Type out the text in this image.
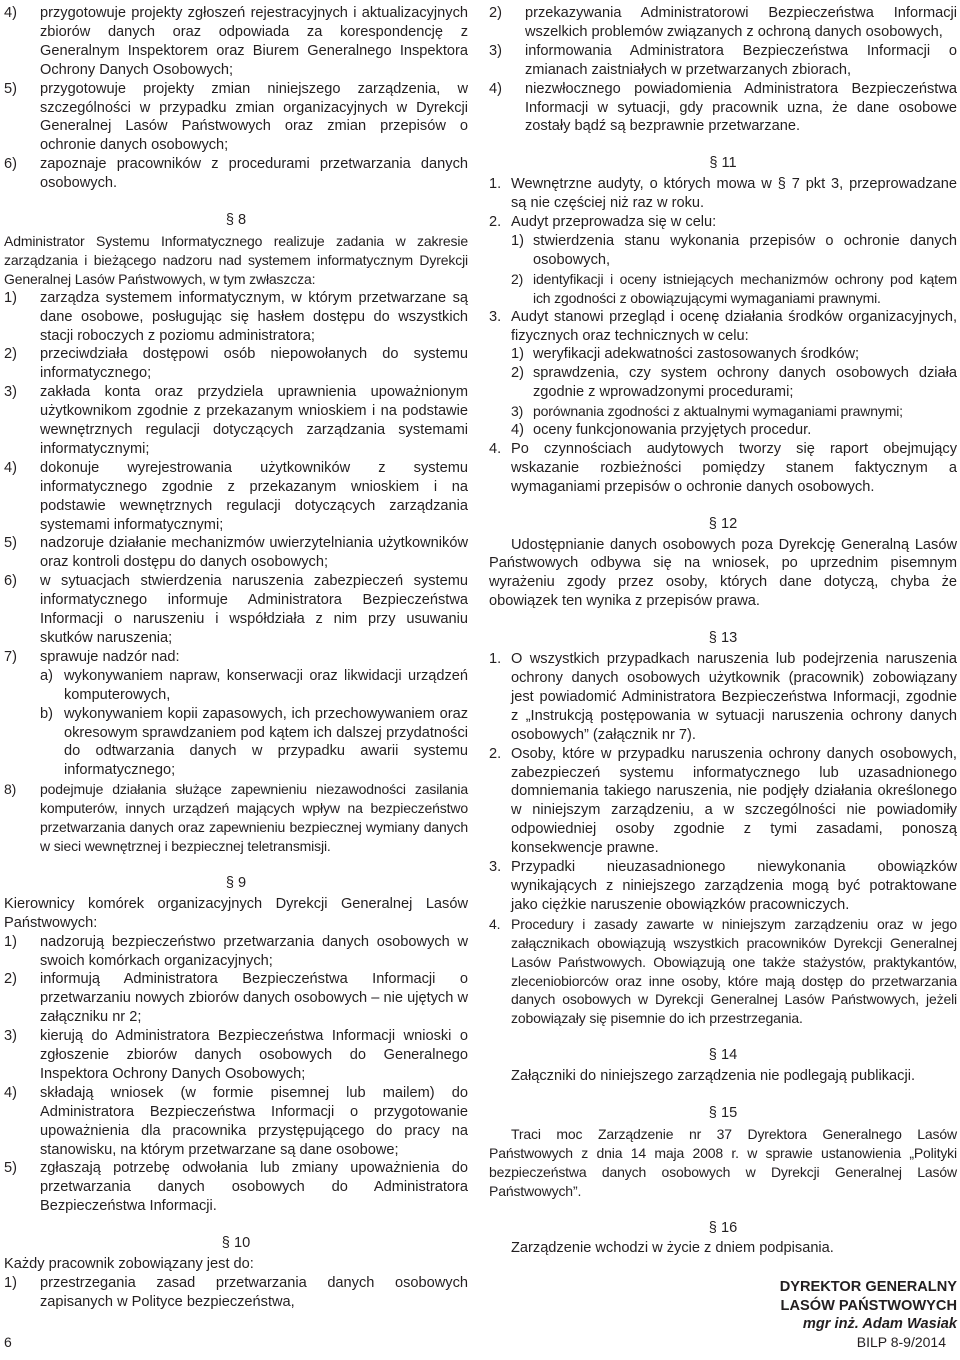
4) przygotowuje projekty zgłoszeń rejestracyjnych i aktualizacyjnych zbiorów danych oraz odpowiada za korespondencję z Generalnym Inspektorem oraz Biurem Generalnego Inspektora Ochrony Danych Osobowych;
5) przygotowuje projekty zmian niniejszego zarządzenia, w szczególności w przypadku zmian organizacyjnych w Dyrekcji Generalnej Lasów Państwowych oraz zmian przepisów o ochronie danych osobowych;
6) zapoznaje pracowników z procedurami przetwarzania danych osobowych.
§ 8
Administrator Systemu Informatycznego realizuje zadania w zakresie zarządzania i bieżącego nadzoru nad systemem informatycznym Dyrekcji Generalnej Lasów Państwowych, w tym zwłaszcza:
1) zarządza systemem informatycznym, w którym przetwarzane są dane osobowe, posługując się hasłem dostępu do wszystkich stacji roboczych z poziomu administratora;
2) przeciwdziała dostępowi osób niepowołanych do systemu informatycznego;
3) zakłada konta oraz przydziela uprawnienia upoważnionym użytkownikom zgodnie z przekazanym wnioskiem i na podstawie wewnętrznych regulacji dotyczących zarządzania systemami informatycznymi;
4) dokonuje wyrejestrowania użytkowników z systemu informatycznego zgodnie z przekazanym wnioskiem i na podstawie wewnętrznych regulacji dotyczących zarządzania systemami informatycznymi;
5) nadzoruje działanie mechanizmów uwierzytelniania użytkowników oraz kontroli dostępu do danych osobowych;
6) w sytuacjach stwierdzenia naruszenia zabezpieczeń systemu informatycznego informuje Administratora Bezpieczeństwa Informacji o naruszeniu i współdziała z nim przy usuwaniu skutków naruszenia;
7) sprawuje nadzór nad:
a) wykonywaniem napraw, konserwacji oraz likwidacji urządzeń komputerowych,
b) wykonywaniem kopii zapasowych, ich przechowywaniem oraz okresowym sprawdzaniem pod kątem ich dalszej przydatności do odtwarzania danych w przypadku awarii systemu informatycznego;
8) podejmuje działania służące zapewnieniu niezawodności zasilania komputerów, innych urządzeń mających wpływ na bezpieczeństwo przetwarzania danych oraz zapewnieniu bezpiecznej wymiany danych w sieci wewnętrznej i bezpiecznej teletransmisji.
§ 9
Kierownicy komórek organizacyjnych Dyrekcji Generalnej Lasów Państwowych:
1) nadzorują bezpieczeństwo przetwarzania danych osobowych w swoich komórkach organizacyjnych;
2) informują Administratora Bezpieczeństwa Informacji o przetwarzaniu nowych zbiorów danych osobowych – nie ujętych w załączniku nr 2;
3) kierują do Administratora Bezpieczeństwa Informacji wnioski o zgłoszenie zbiorów danych osobowych do Generalnego Inspektora Ochrony Danych Osobowych;
4) składają wniosek (w formie pisemnej lub mailem) do Administratora Bezpieczeństwa Informacji o przygotowanie upoważnienia dla pracownika przystępującego do pracy na stanowisku, na którym przetwarzane są dane osobowe;
5) zgłaszają potrzebę odwołania lub zmiany upoważnienia do przetwarzania danych osobowych do Administratora Bezpieczeństwa Informacji.
§ 10
Każdy pracownik zobowiązany jest do:
1) przestrzegania zasad przetwarzania danych osobowych zapisanych w Polityce bezpieczeństwa,
2) przekazywania Administratorowi Bezpieczeństwa Informacji wszelkich problemów związanych z ochroną danych osobowych,
3) informowania Administratora Bezpieczeństwa Informacji o zmianach zaistniałych w przetwarzanych zbiorach,
4) niezwłocznego powiadomienia Administratora Bezpieczeństwa Informacji w sytuacji, gdy pracownik uzna, że dane osobowe zostały bądź są bezprawnie przetwarzane.
§ 11
1. Wewnętrzne audyty, o których mowa w § 7 pkt 3, przeprowadzane są nie częściej niż raz w roku.
2. Audyt przeprowadza się w celu:
1) stwierdzenia stanu wykonania przepisów o ochronie danych osobowych,
2) identyfikacji i oceny istniejących mechanizmów ochrony pod kątem ich zgodności z obowiązującymi wymaganiami prawnymi.
3. Audyt stanowi przegląd i ocenę działania środków organizacyjnych, fizycznych oraz technicznych w celu:
1) weryfikacji adekwatności zastosowanych środków;
2) sprawdzenia, czy system ochrony danych osobowych działa zgodnie z wprowadzonymi procedurami;
3) porównania zgodności z aktualnymi wymaganiami prawnymi;
4) oceny funkcjonowania przyjętych procedur.
4. Po czynnościach audytowych tworzy się raport obejmujący wskazanie rozbieżności pomiędzy stanem faktycznym a wymaganiami przepisów o ochronie danych osobowych.
§ 12
Udostępnianie danych osobowych poza Dyrekcję Generalną Lasów Państwowych odbywa się na wniosek, po uprzednim pisemnym wyrażeniu zgody przez osoby, których dane dotyczą, chyba że obowiązek ten wynika z przepisów prawa.
§ 13
1. O wszystkich przypadkach naruszenia lub podejrzenia naruszenia ochrony danych osobowych użytkownik (pracownik) zobowiązany jest powiadomić Administratora Bezpieczeństwa Informacji, zgodnie z „Instrukcją postępowania w sytuacji naruszenia ochrony danych osobowych” (załącznik nr 7).
2. Osoby, które w przypadku naruszenia ochrony danych osobowych, zabezpieczeń systemu informatycznego lub uzasadnionego domniemania takiego naruszenia, nie podjęły działania określonego w niniejszym zarządzeniu, a w szczególności nie powiadomiły odpowiedniej osoby zgodnie z tymi zasadami, ponoszą konsekwencje prawne.
3. Przypadki nieuzasadnionego niewykonania obowiązków wynikających z niniejszego zarządzenia mogą być potraktowane jako ciężkie naruszenie obowiązków pracowniczych.
4. Procedury i zasady zawarte w niniejszym zarządzeniu oraz w jego załącznikach obowiązują wszystkich pracowników Dyrekcji Generalnej Lasów Państwowych. Obowiązują one także stażystów, praktykantów, zleceniobiorców oraz inne osoby, które mają dostęp do przetwarzania danych osobowych w Dyrekcji Generalnej Lasów Państwowych, jeżeli zobowiązały się pisemnie do ich przestrzegania.
§ 14
Załączniki do niniejszego zarządzenia nie podlegają publikacji.
§ 15
Traci moc Zarządzenie nr 37 Dyrektora Generalnego Lasów Państwowych z dnia 14 maja 2008 r. w sprawie ustanowienia „Polityki bezpieczeństwa danych osobowych w Dyrekcji Generalnej Lasów Państwowych”.
§ 16
Zarządzenie wchodzi w życie z dniem podpisania.
DYREKTOR GENERALNY
LASÓW PAŃSTWOWYCH
mgr inż. Adam Wasiak
6	BILP 8-9/2014
